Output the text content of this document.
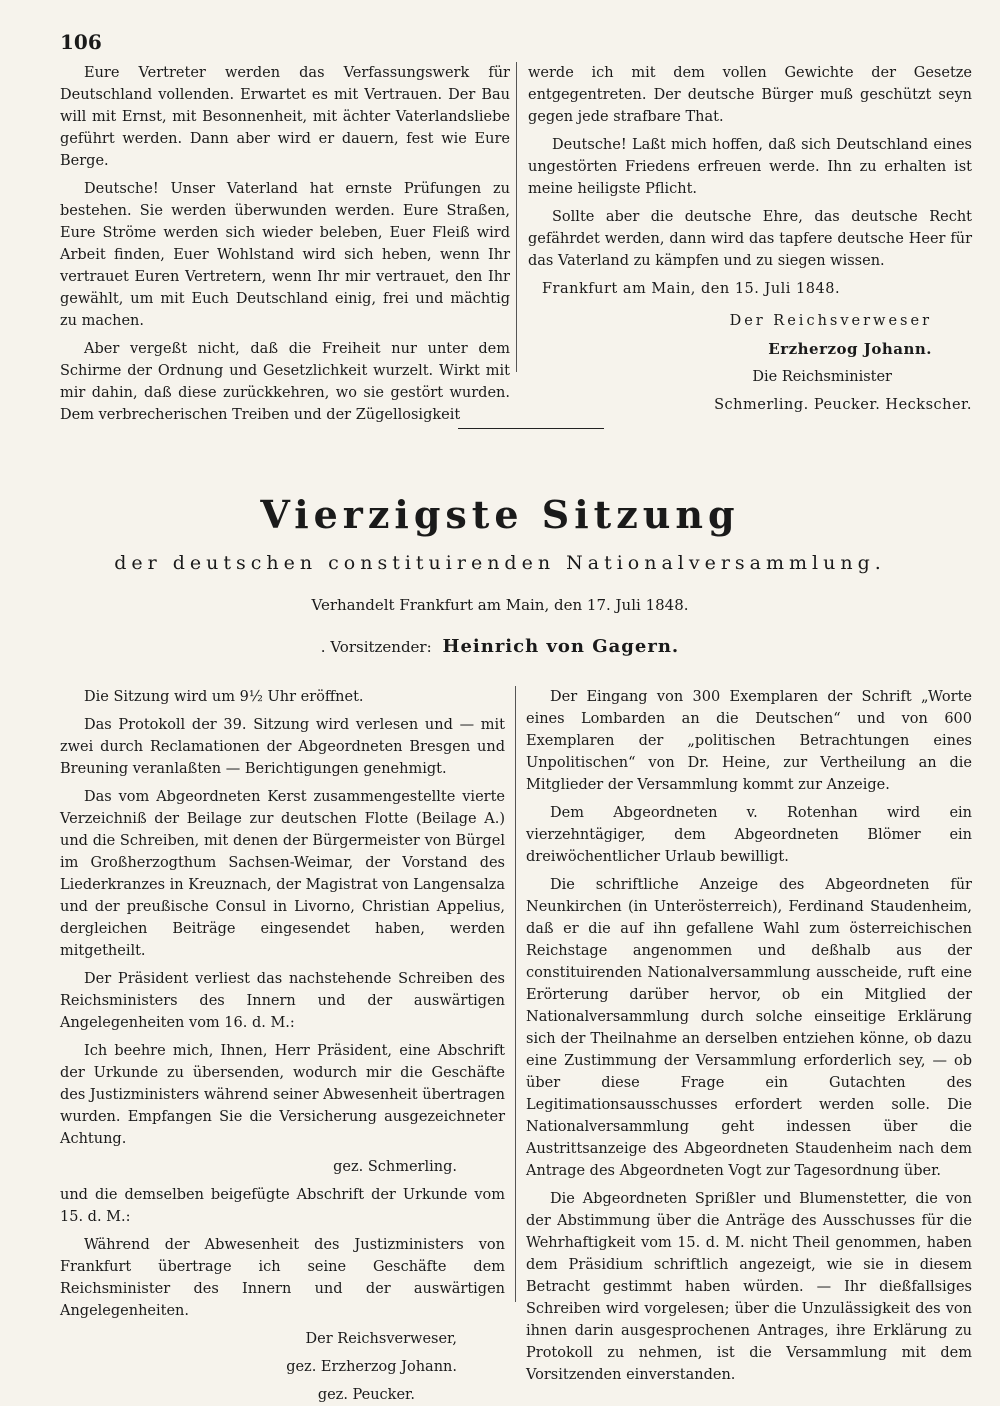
106

Eure Vertreter werden das Verfassungswerk für Deutschland vollenden. Erwartet es mit Vertrauen. Der Bau will mit Ernst, mit Besonnenheit, mit ächter Vaterlandsliebe geführt werden. Dann aber wird er dauern, fest wie Eure Berge.

Deutsche! Unser Vaterland hat ernste Prüfungen zu bestehen. Sie werden überwunden werden. Eure Straßen, Eure Ströme werden sich wieder beleben, Euer Fleiß wird Arbeit finden, Euer Wohlstand wird sich heben, wenn Ihr vertrauet Euren Vertretern, wenn Ihr mir vertrauet, den Ihr gewählt, um mit Euch Deutschland einig, frei und mächtig zu machen.

Aber vergeßt nicht, daß die Freiheit nur unter dem Schirme der Ordnung und Gesetzlichkeit wurzelt. Wirkt mit mir dahin, daß diese zurückkehren, wo sie gestört wurden. Dem verbrecherischen Treiben und der Zügellosigkeit

werde ich mit dem vollen Gewichte der Gesetze entgegentreten. Der deutsche Bürger muß geschützt seyn gegen jede strafbare That.

Deutsche! Laßt mich hoffen, daß sich Deutschland eines ungestörten Friedens erfreuen werde. Ihn zu erhalten ist meine heiligste Pflicht.

Sollte aber die deutsche Ehre, das deutsche Recht gefährdet werden, dann wird das tapfere deutsche Heer für das Vaterland zu kämpfen und zu siegen wissen.

Frankfurt am Main, den 15. Juli 1848.

Der Reichsverweser
Erzherzog Johann.
Die Reichsminister
Schmerling. Peucker. Heckscher.
Vierzigste Sitzung
der deutschen constituirenden Nationalversammlung.
Verhandelt Frankfurt am Main, den 17. Juli 1848.
. Vorsitzender: Heinrich von Gagern.

Die Sitzung wird um 9½ Uhr eröffnet.

Das Protokoll der 39. Sitzung wird verlesen und — mit zwei durch Reclamationen der Abgeordneten Bresgen und Breuning veranlaßten — Berichtigungen genehmigt.

Das vom Abgeordneten Kerst zusammengestellte vierte Verzeichniß der Beilage zur deutschen Flotte (Beilage A.) und die Schreiben, mit denen der Bürgermeister von Bürgel im Großherzogthum Sachsen-Weimar, der Vorstand des Liederkranzes in Kreuznach, der Magistrat von Langensalza und der preußische Consul in Livorno, Christian Appelius, dergleichen Beiträge eingesendet haben, werden mitgetheilt.

Der Präsident verliest das nachstehende Schreiben des Reichsministers des Innern und der auswärtigen Angelegenheiten vom 16. d. M.:

Ich beehre mich, Ihnen, Herr Präsident, eine Abschrift der Urkunde zu übersenden, wodurch mir die Geschäfte des Justizministers während seiner Abwesenheit übertragen wurden. Empfangen Sie die Versicherung ausgezeichneter Achtung.

gez. Schmerling.

und die demselben beigefügte Abschrift der Urkunde vom 15. d. M.:

Während der Abwesenheit des Justizministers von Frankfurt übertrage ich seine Geschäfte dem Reichsminister des Innern und der auswärtigen Angelegenheiten.

Der Reichsverweser,

gez. Erzherzog Johann.

gez. Peucker.

Der Eingang von 300 Exemplaren der Schrift „Worte eines Lombarden an die Deutschen“ und von 600 Exemplaren der „politischen Betrachtungen eines Unpolitischen“ von Dr. Heine, zur Vertheilung an die Mitglieder der Versammlung kommt zur Anzeige.

Dem Abgeordneten v. Rotenhan wird ein vierzehntägiger, dem Abgeordneten Blömer ein dreiwöchentlicher Urlaub bewilligt.

Die schriftliche Anzeige des Abgeordneten für Neunkirchen (in Unterösterreich), Ferdinand Staudenheim, daß er die auf ihn gefallene Wahl zum österreichischen Reichstage angenommen und deßhalb aus der constituirenden Nationalversammlung ausscheide, ruft eine Erörterung darüber hervor, ob ein Mitglied der Nationalversammlung durch solche einseitige Erklärung sich der Theilnahme an derselben entziehen könne, ob dazu eine Zustimmung der Versammlung erforderlich sey, — ob über diese Frage ein Gutachten des Legitimationsausschusses erfordert werden solle. Die Nationalversammlung geht indessen über die Austrittsanzeige des Abgeordneten Staudenheim nach dem Antrage des Abgeordneten Vogt zur Tagesordnung über.

Die Abgeordneten Sprißler und Blumenstetter, die von der Abstimmung über die Anträge des Ausschusses für die Wehrhaftigkeit vom 15. d. M. nicht Theil genommen, haben dem Präsidium schriftlich angezeigt, wie sie in diesem Betracht gestimmt haben würden. — Ihr dießfallsiges Schreiben wird vorgelesen; über die Unzulässigkeit des von ihnen darin ausgesprochenen Antrages, ihre Erklärung zu Protokoll zu nehmen, ist die Versammlung mit dem Vorsitzenden einverstanden.
